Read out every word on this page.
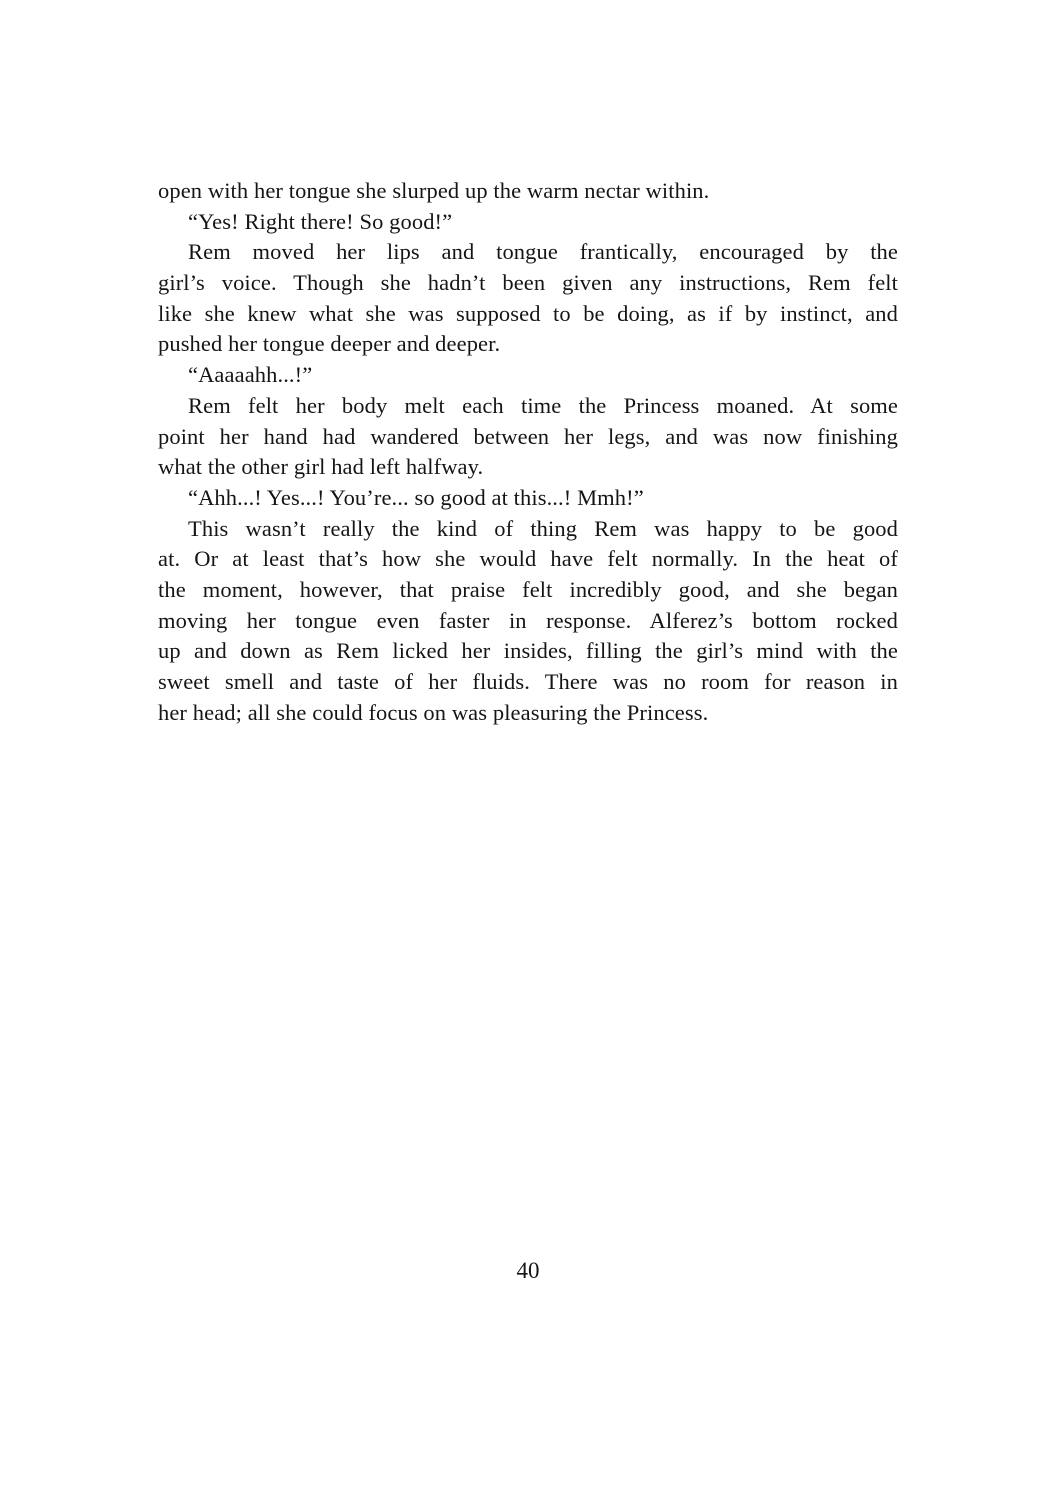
open with her tongue she slurped up the warm nectar within.
“Yes! Right there! So good!”
Rem moved her lips and tongue frantically, encouraged by the
girl’s voice. Though she hadn’t been given any instructions, Rem felt
like she knew what she was supposed to be doing, as if by instinct, and
pushed her tongue deeper and deeper.
“Aaaaahh...!”
Rem felt her body melt each time the Princess moaned. At some
point her hand had wandered between her legs, and was now finishing
what the other girl had left halfway.
“Ahh...! Yes...! You’re... so good at this...! Mmh!”
This wasn’t really the kind of thing Rem was happy to be good
at. Or at least that’s how she would have felt normally. In the heat of
the moment, however, that praise felt incredibly good, and she began
moving her tongue even faster in response. Alferez’s bottom rocked
up and down as Rem licked her insides, filling the girl’s mind with the
sweet smell and taste of her fluids. There was no room for reason in
her head; all she could focus on was pleasuring the Princess.
40
